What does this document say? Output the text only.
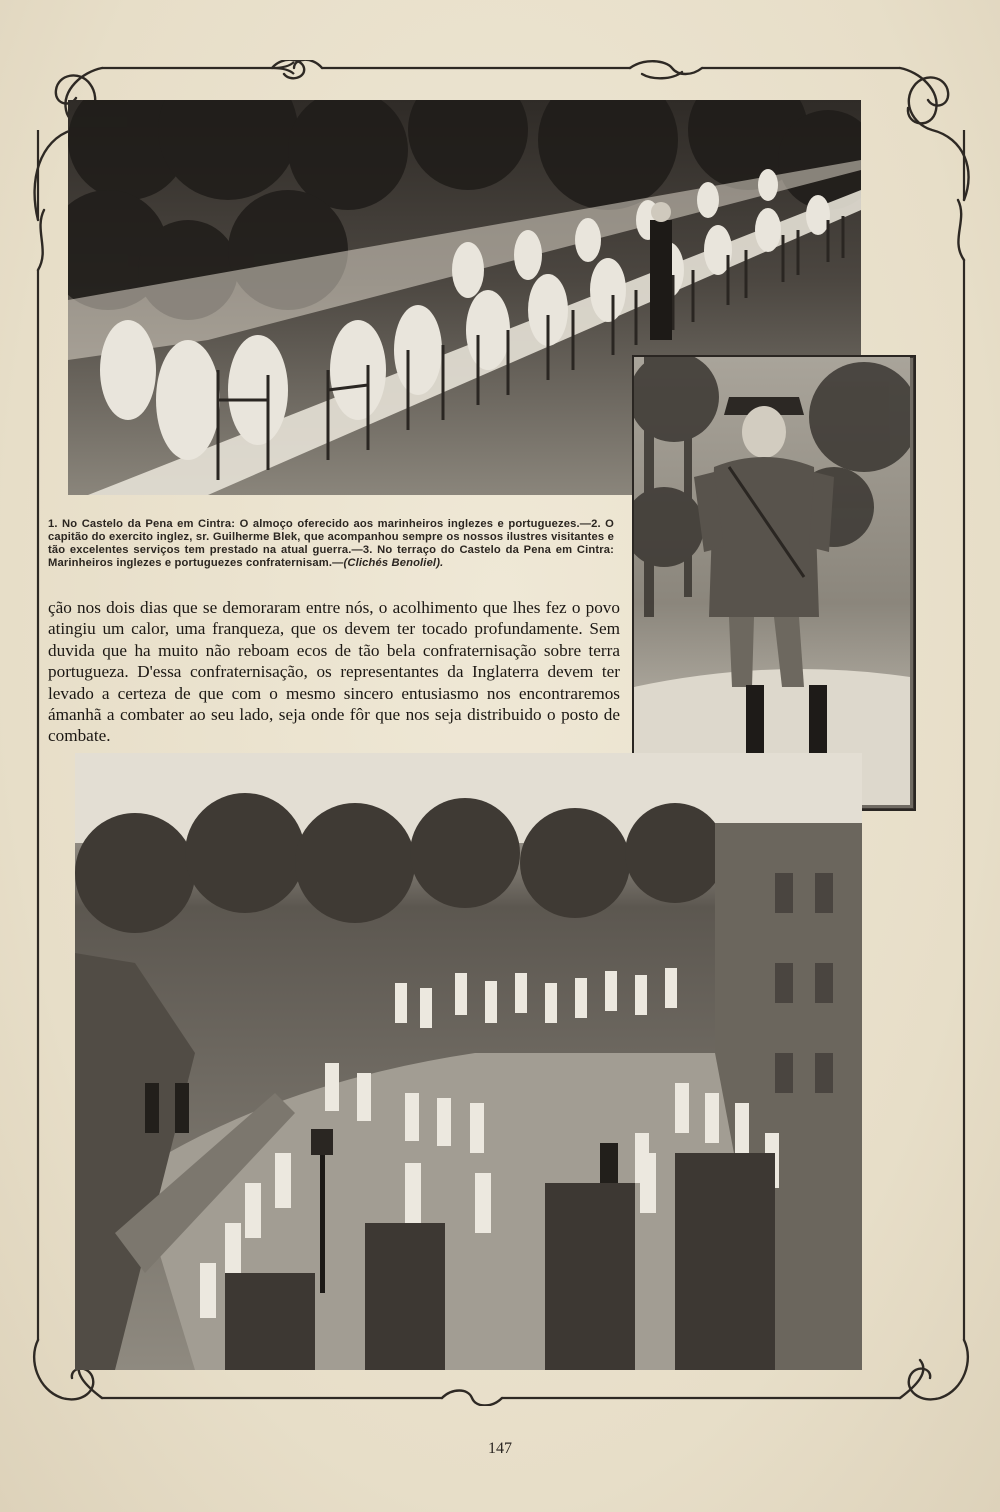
1. No Castelo da Pena em Cintra: O almoço oferecido aos marinheiros inglezes e portuguezes.—2. O capitão do exercito inglez, sr. Guilherme Blek, que acompanhou sempre os nossos ilustres visitantes e tão excelentes serviços tem prestado na atual guerra.—3. No terraço do Castelo da Pena em Cintra: Marinheiros inglezes e portuguezes confraternisam.—(Clichés Benoliel).

ção nos dois dias que se demoraram entre nós, o acolhimento que lhes fez o povo atingiu um calor, uma franqueza, que os devem ter tocado profundamente. Sem duvida que ha muito não reboam ecos de tão bela confraternisação sobre terra portugueza. D'essa confraternisação, os representantes da Inglaterra devem ter levado a certeza de que com o mesmo sincero entusiasmo nos encontraremos ámanhã a combater ao seu lado, seja onde fôr que nos seja distribuido o posto de combate.

147
